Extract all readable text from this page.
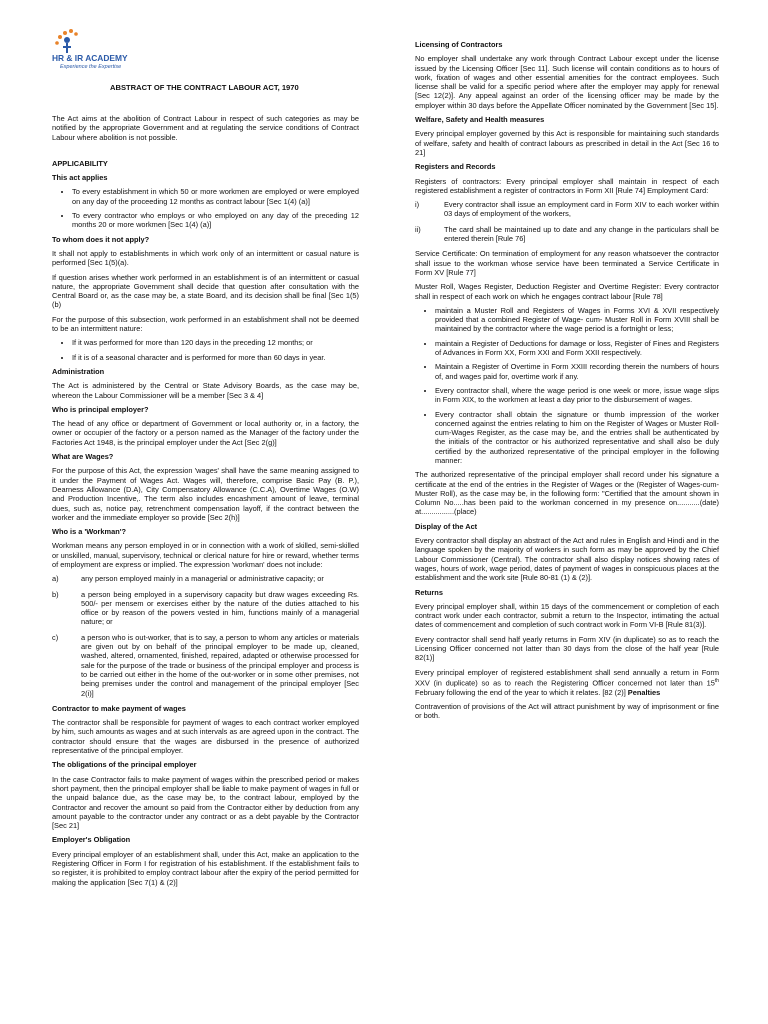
HR & IR ACADEMY
Experience the Expertise
ABSTRACT OF THE CONTRACT LABOUR ACT, 1970

The Act aims at the abolition of Contract Labour in respect of such categories as may be notified by the appropriate Government and at regulating the service conditions of Contract Labour where abolition is not possible.

APPLICABILITY
This act applies
• To every establishment in which 50 or more workmen are employed or were employed on any day of the proceeding 12 months as contract labour [Sec 1(4) (a)]
• To every contractor who employs or who employed on any day of the preceding 12 months 20 or more workmen [Sec 1(4) (a)]
To whom does it not apply?

It shall not apply to establishments in which work only of an intermittent or casual nature is performed [Sec 1(5)(a).

If question arises whether work performed in an establishment is of an intermittent or casual nature, the appropriate Government shall decide that question after consultation with the Central Board or, as the case may be, a state Board, and its decision shall be final [Sec 1(5) (b)

For the purpose of this subsection, work performed in an establishment shall not be deemed to be an intermittent nature:

• If it was performed for more than 120 days in the preceding 12 months; or
• If it is of a seasonal character and is performed for more than 60 days in year.
Administration

The Act is administered by the Central or State Advisory Boards, as the case may be, whereon the Labour Commissioner will be a member [Sec 3 & 4]

Who is principal employer?

The head of any office or department of Government or local authority or, in a factory, the owner or occupier of the factory or a person named as the Manager of the factory under the Factories Act 1948, is the principal employer under the Act [Sec 2(g)]

What are Wages?

For the purpose of this Act, the expression 'wages' shall have the same meaning assigned to it under the Payment of Wages Act. Wages will, therefore, comprise Basic Pay (B. P.), Dearness Allowance (D.A), City Compensatory Allowance (C.C.A), Overtime Wages (O.W) and Production Incentive,. The term also includes encashment amount of leave, terminal dues, such as, notice pay, retrenchment compensation layoff, if the contract between the worker and the immediate employer so provide [Sec 2(h)]

Who is a 'Workman'?

Workman means any person employed in or in connection with a work of skilled, semi-skilled or unskilled, manual, supervisory, technical or clerical nature for hire or reward, whether terms of employment are express or implied. The expression 'workman' does not include:

a)	any person employed mainly in a managerial or administrative capacity; or
b)	a person being employed in a supervisory capacity but draw wages exceeding Rs. 500/- per mensem or exercises either by the nature of the duties attached to his office or by reason of the powers vested in him, functions mainly of a managerial nature; or
c)	a person who is out-worker, that is to say, a person to whom any articles or materials are given out by on behalf of the principal employer to be made up, cleaned, washed, altered, ornamented, finished, repaired, adapted or otherwise processed for sale for the purpose of the trade or business of the principal employer and process is to be carried out either in the home of the out-worker or in some other premises, not being premises under the control and management of the principal employer [Sec 2(i)]
Contractor to make payment of wages

The contractor shall be responsible for payment of wages to each contract worker employed by him, such amounts as wages and at such intervals as are agreed upon in the contract. The contractor should ensure that the wages are disbursed in the presence of authorized representative of the principal employer.

The obligations of the principal employer

In the case Contractor fails to make payment of wages within the prescribed period or makes short payment, then the principal employer shall be liable to make payment of wages in full or the unpaid balance due, as the case may be, to the contract labour, employed by the Contractor and recover the amount so paid from the Contractor either by deduction from any amount payable to the contractor under any contract or as a debt payable by the Contractor [Sec 21]

Employer's Obligation

Every principal employer of an establishment shall, under this Act, make an application to the Registering Officer in Form I for registration of his establishment. If the establishment fails to so register, it is prohibited to employ contract labour after the expiry of the period permitted for making the application [Sec 7(1) & (2)]

Licensing of Contractors

No employer shall undertake any work through Contract Labour except under the license issued by the Licensing Officer [Sec 11]. Such license will contain conditions as to hours of work, fixation of wages and other essential amenities for the contract employees. Such license shall be valid for a specific period where after the employer may apply for renewal [Sec 12(2)]. Any appeal against an order of the licensing officer may be made by the employer within 30 days before the Appellate Officer nominated by the Government [Sec 15].

Welfare, Safety and Health measures

Every principal employer governed by this Act is responsible for maintaining such standards of welfare, safety and health of contract labours as prescribed in detail in the Act [Sec 16 to 21]

Registers and Records

Registers of contractors: Every principal employer shall maintain in respect of each registered establishment a register of contractors in Form XII [Rule 74] Employment Card:

i)	Every contractor shall issue an employment card in Form XIV to each worker within 03 days of employment of the workers,
ii)	The card shall be maintained up to date and any change in the particulars shall be entered therein [Rule 76]

Service Certificate: On termination of employment for any reason whatsoever the contractor shall issue to the workman whose service have been terminated a Service Certificate in Form XV [Rule 77]

Muster Roll, Wages Register, Deduction Register and Overtime Register: Every contractor shall in respect of each work on which he engages contract labour [Rule 78]

• maintain a Muster Roll and Registers of Wages in Forms XVI & XVII respectively provided that a combined Register of Wage- cum- Muster Roll in Form XVIII shall be maintained by the contractor where the wage period is a fortnight or less;
• maintain a Register of Deductions for damage or loss, Register of Fines and Registers of Advances in Form XX, Form XXI and Form XXII respectively.
• Maintain a Register of Overtime in Form XXIII recording therein the numbers of hours of, and wages paid for, overtime work if any.
• Every contractor shall, where the wage period is one week or more, issue wage slips in Form XIX, to the workmen at least a day prior to the disbursement of wages.
• Every contractor shall obtain the signature or thumb impression of the worker concerned against the entries relating to him on the Register of Wages or Muster Roll-cum-Wages Register, as the case may be, and the entries shall be authenticated by the initials of the contractor or his authorized representative and shall also be duly certified by the authorized representative of the principal employer in the following manner:

The authorized representative of the principal employer shall record under his signature a certificate at the end of the entries in the Register of Wages or the (Register of Wages-cum-Muster Roll), as the case may be, in the following form: "Certified that the amount shown in Column No.....has been paid to the workman concerned in my presence on...........(date) at................(place)

Display of the Act

Every contractor shall display an abstract of the Act and rules in English and Hindi and in the language spoken by the majority of workers in such form as may be approved by the Chief Labour Commissioner (Central). The contractor shall also display notices showing rates of wages, hours of work, wage period, dates of payment of wages in conspicuous places at the establishment and the work site [Rule 80-81 (1) & (2)].

Returns

Every principal employer shall, within 15 days of the commencement or completion of each contract work under each contractor, submit a return to the Inspector, intimating the actual dates of commencement and completion of such contract work in Form VI-B [Rule 81(3)].

Every contractor shall send half yearly returns in Form XIV (in duplicate) so as to reach the Licensing Officer concerned not latter than 30 days from the close of the half year [Rule 82(1)]

Every principal employer of registered establishment shall send annually a return in Form XXV (in duplicate) so as to reach the Registering Officer concerned not later than 15th February following the end of the year to which it relates. [82 (2)] Penalties

Contravention of provisions of the Act will attract punishment by way of imprisonment or fine or both.
